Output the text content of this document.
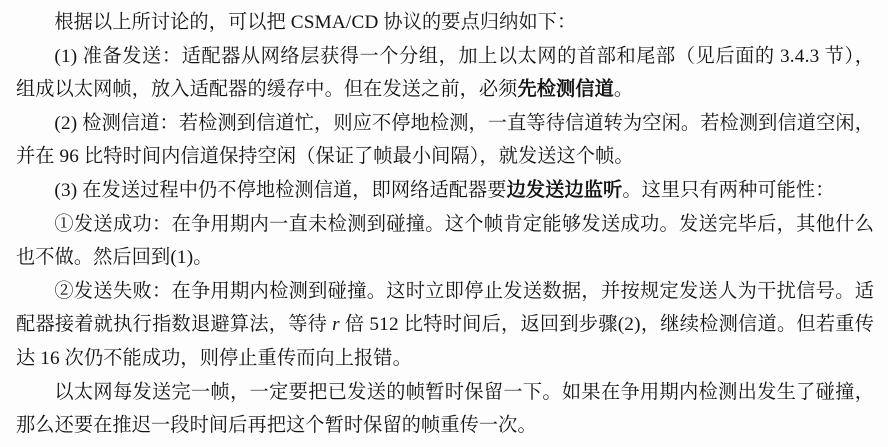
根据以上所讨论的，可以把 CSMA/CD 协议的要点归纳如下：

(1) 准备发送：适配器从网络层获得一个分组，加上以太网的首部和尾部（见后面的 3.4.3 节），组成以太网帧，放入适配器的缓存中。但在发送之前，必须先检测信道。

(2) 检测信道：若检测到信道忙，则应不停地检测，一直等待信道转为空闲。若检测到信道空闲，并在 96 比特时间内信道保持空闲（保证了帧最小间隔），就发送这个帧。

(3) 在发送过程中仍不停地检测信道，即网络适配器要边发送边监听。这里只有两种可能性：

①发送成功：在争用期内一直未检测到碰撞。这个帧肯定能够发送成功。发送完毕后，其他什么也不做。然后回到(1)。

②发送失败：在争用期内检测到碰撞。这时立即停止发送数据，并按规定发送人为干扰信号。适配器接着就执行指数退避算法，等待 r 倍 512 比特时间后，返回到步骤(2)，继续检测信道。但若重传达 16 次仍不能成功，则停止重传而向上报错。

以太网每发送完一帧，一定要把已发送的帧暂时保留一下。如果在争用期内检测出发生了碰撞，那么还要在推迟一段时间后再把这个暂时保留的帧重传一次。
